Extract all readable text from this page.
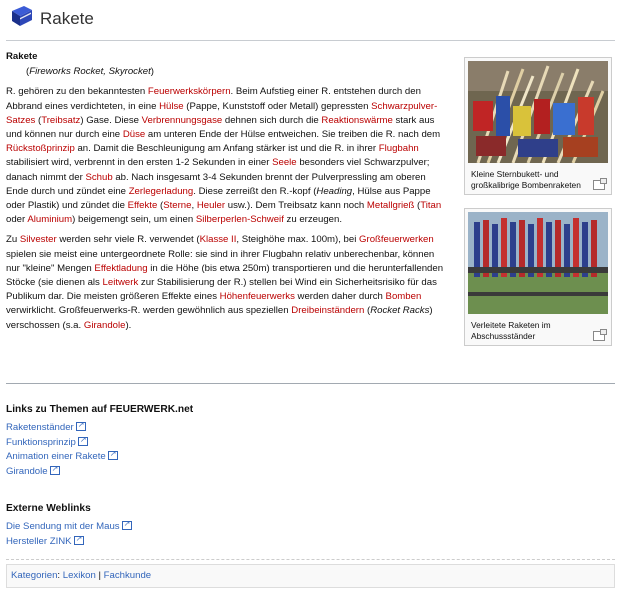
Rakete
Rakete
(Fireworks Rocket, Skyrocket)

R. gehören zu den bekanntesten Feuerwerkskörpern. Beim Aufstieg einer R. entstehen durch den Abbrand eines verdichteten, in eine Hülse (Pappe, Kunststoff oder Metall) gepressten Schwarzpulver-Satzes (Treibsatz) Gase. Diese Verbrennungsgase dehnen sich durch die Reaktionswärme stark aus und können nur durch eine Düse am unteren Ende der Hülse entweichen. Sie treiben die R. nach dem Rückstoßprinzip an. Damit die Beschleunigung am Anfang stärker ist und die R. in ihrer Flugbahn stabilisiert wird, verbrennt in den ersten 1-2 Sekunden in einer Seele besonders viel Schwarzpulver; danach nimmt der Schub ab. Nach insgesamt 3-4 Sekunden brennt der Pulverpressling am oberen Ende durch und zündet eine Zerlegerladung. Diese zerreißt den R.-kopf (Heading, Hülse aus Pappe oder Plastik) und zündet die Effekte (Sterne, Heuler usw.). Dem Treibsatz kann noch Metallgrieß (Titan oder Aluminium) beigemengt sein, um einen Silberperlen-Schweif zu erzeugen.

Zu Silvester werden sehr viele R. verwendet (Klasse II, Steighöhe max. 100m), bei Großfeuerwerken spielen sie meist eine untergeordnete Rolle: sie sind in ihrer Flugbahn relativ unberechenbar, können nur "kleine" Mengen Effektladung in die Höhe (bis etwa 250m) transportieren und die herunterfallenden Stöcke (sie dienen als Leitwerk zur Stabilisierung der R.) stellen bei Wind ein Sicherheitsrisiko für das Publikum dar. Die meisten größeren Effekte eines Höhenfeuerwerks werden daher durch Bomben verwirklicht. Großfeuerwerks-R. werden gewöhnlich aus speziellen Dreibeinständern (Rocket Racks) verschossen (s.a. Girandole).

Kleine Sternbukett- und großkalibrige Bombenraketen
Verleitete Raketen im Abschussständer
Links zu Themen auf FEUERWERK.net
Raketenständer↗
Funktionsprinzip↗
Animation einer Rakete↗
Girandole↗
Externe Weblinks
Die Sendung mit der Maus↗
Hersteller ZINK↗
Kategorien: Lexikon | Fachkunde
